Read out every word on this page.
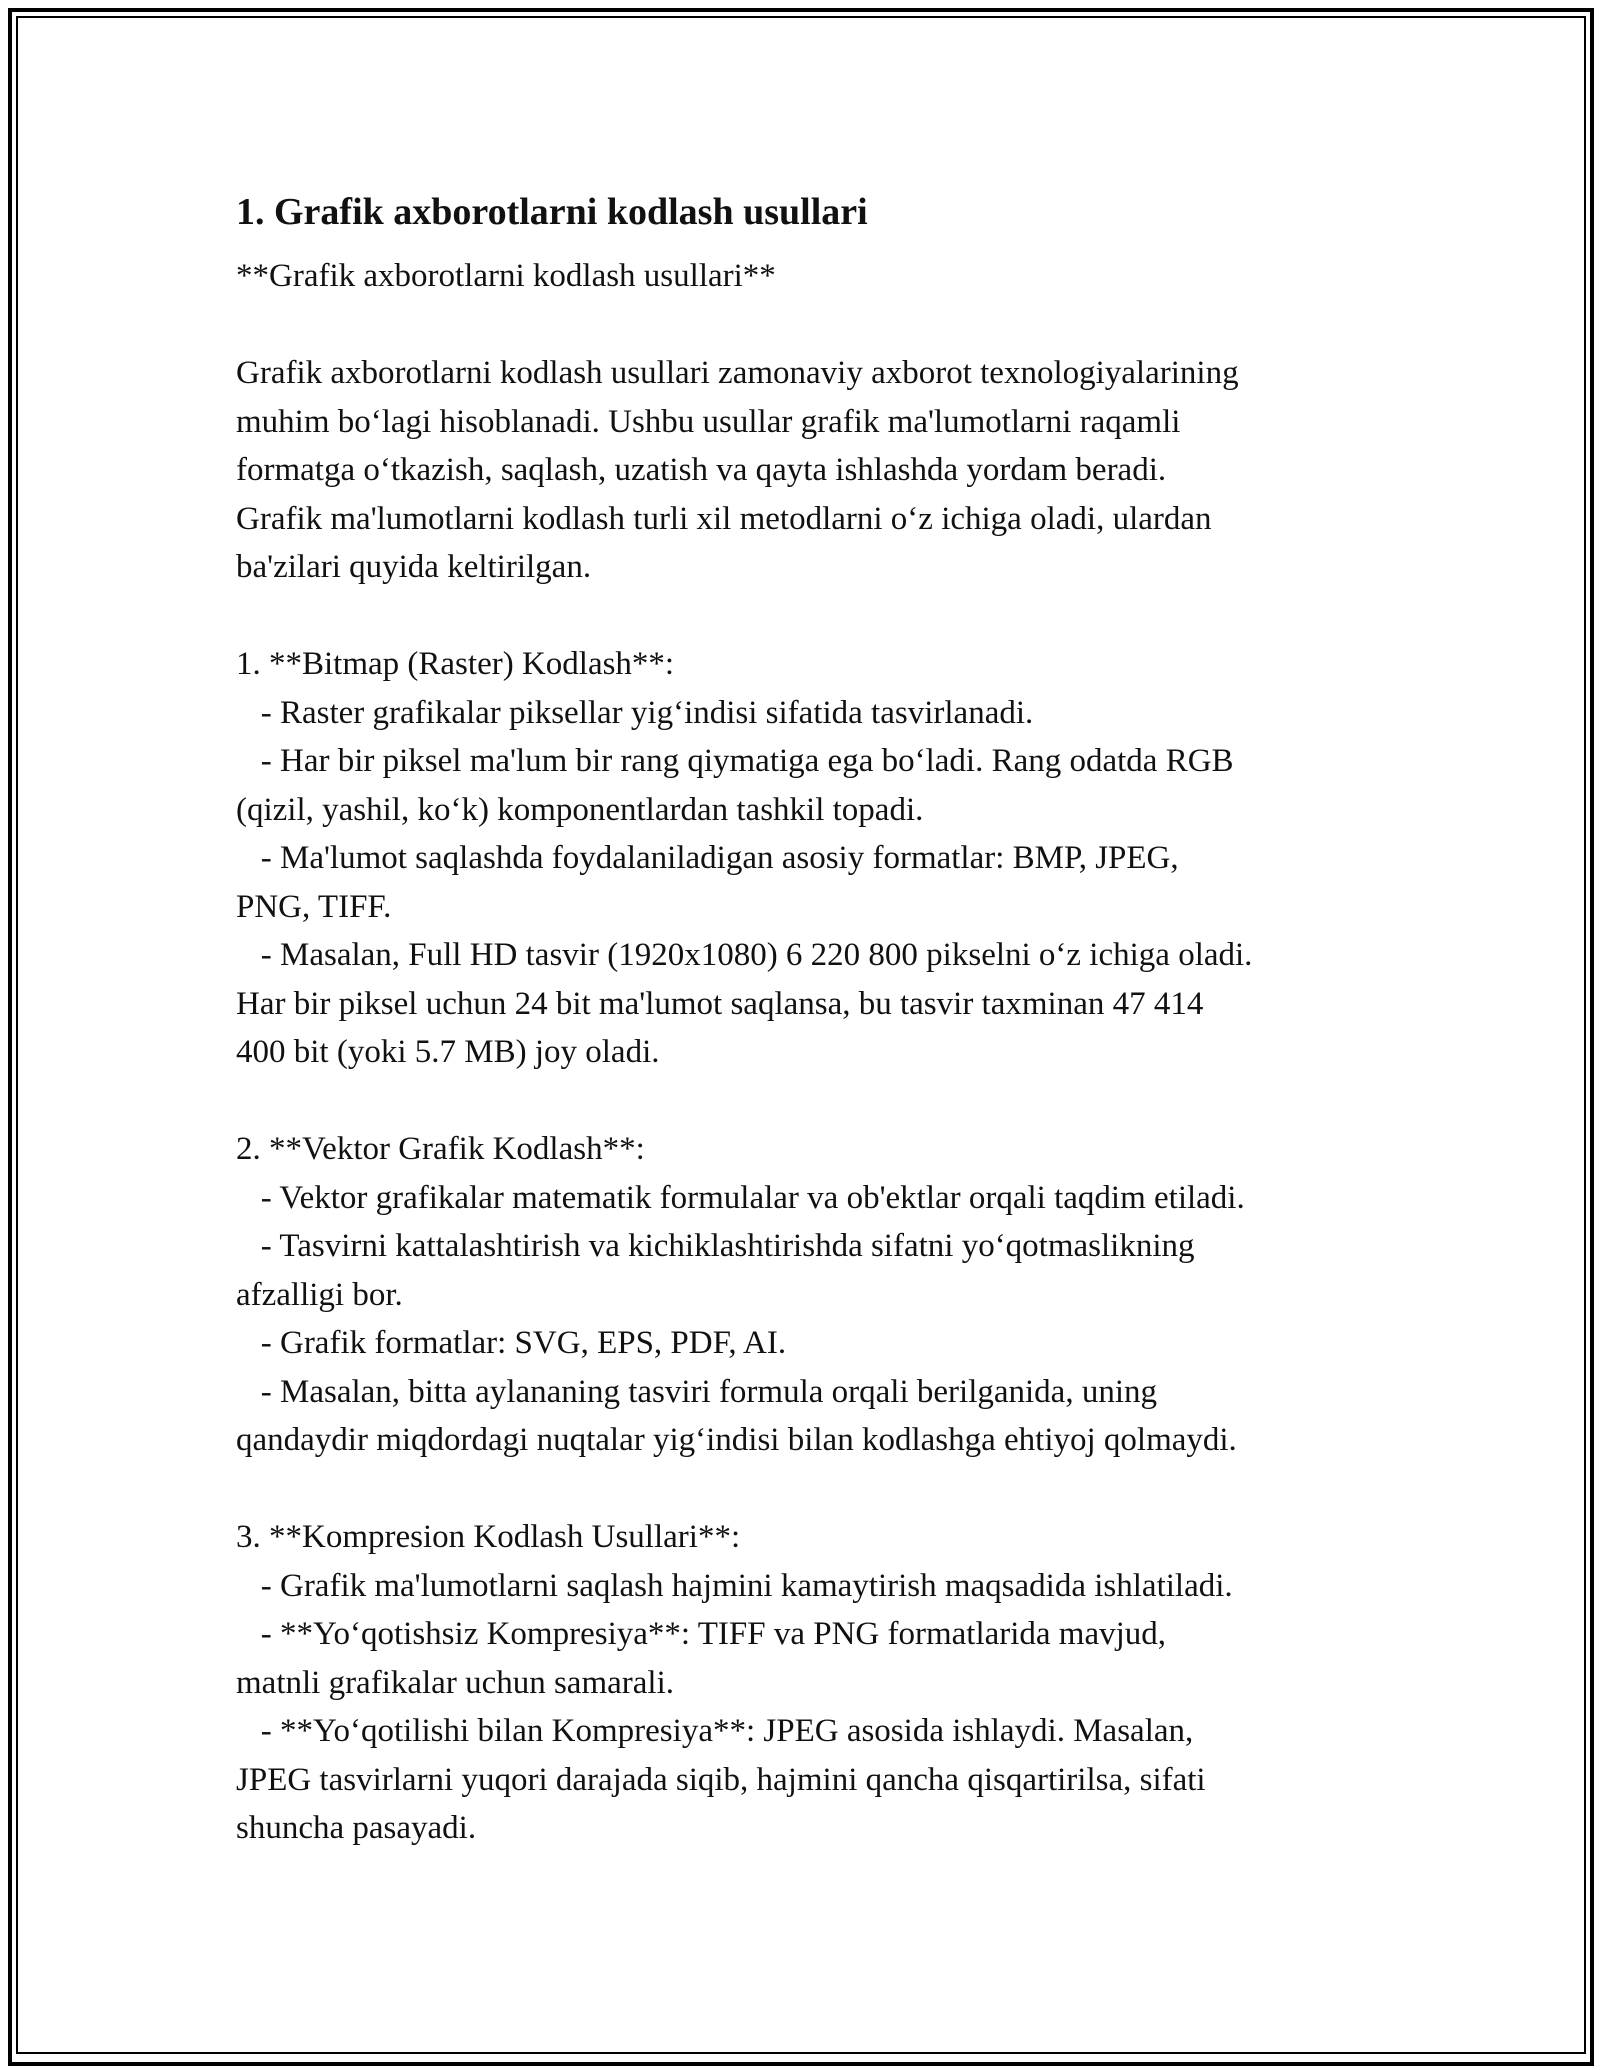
1. Grafik axborotlarni kodlash usullari
**Grafik axborotlarni kodlash usullari**
Grafik axborotlarni kodlash usullari zamonaviy axborot texnologiyalarining
muhim bo‘lagi hisoblanadi. Ushbu usullar grafik ma'lumotlarni raqamli
formatga o‘tkazish, saqlash, uzatish va qayta ishlashda yordam beradi.
Grafik ma'lumotlarni kodlash turli xil metodlarni o‘z ichiga oladi, ulardan
ba'zilari quyida keltirilgan.
1. **Bitmap (Raster) Kodlash**:
- Raster grafikalar piksellar yig‘indisi sifatida tasvirlanadi.
- Har bir piksel ma'lum bir rang qiymatiga ega bo‘ladi. Rang odatda RGB
(qizil, yashil, ko‘k) komponentlardan tashkil topadi.
- Ma'lumot saqlashda foydalaniladigan asosiy formatlar: BMP, JPEG,
PNG, TIFF.
- Masalan, Full HD tasvir (1920x1080) 6 220 800 pikselni o‘z ichiga oladi.
Har bir piksel uchun 24 bit ma'lumot saqlansa, bu tasvir taxminan 47 414
400 bit (yoki 5.7 MB) joy oladi.
2. **Vektor Grafik Kodlash**:
- Vektor grafikalar matematik formulalar va ob'ektlar orqali taqdim etiladi.
- Tasvirni kattalashtirish va kichiklashtirishda sifatni yo‘qotmaslikning
afzalligi bor.
- Grafik formatlar: SVG, EPS, PDF, AI.
- Masalan, bitta aylananing tasviri formula orqali berilganida, uning
qandaydir miqdordagi nuqtalar yig‘indisi bilan kodlashga ehtiyoj qolmaydi.
3. **Kompresion Kodlash Usullari**:
- Grafik ma'lumotlarni saqlash hajmini kamaytirish maqsadida ishlatiladi.
- **Yo‘qotishsiz Kompresiya**: TIFF va PNG formatlarida mavjud,
matnli grafikalar uchun samarali.
- **Yo‘qotilishi bilan Kompresiya**: JPEG asosida ishlaydi. Masalan,
JPEG tasvirlarni yuqori darajada siqib, hajmini qancha qisqartirilsa, sifati
shuncha pasayadi.
